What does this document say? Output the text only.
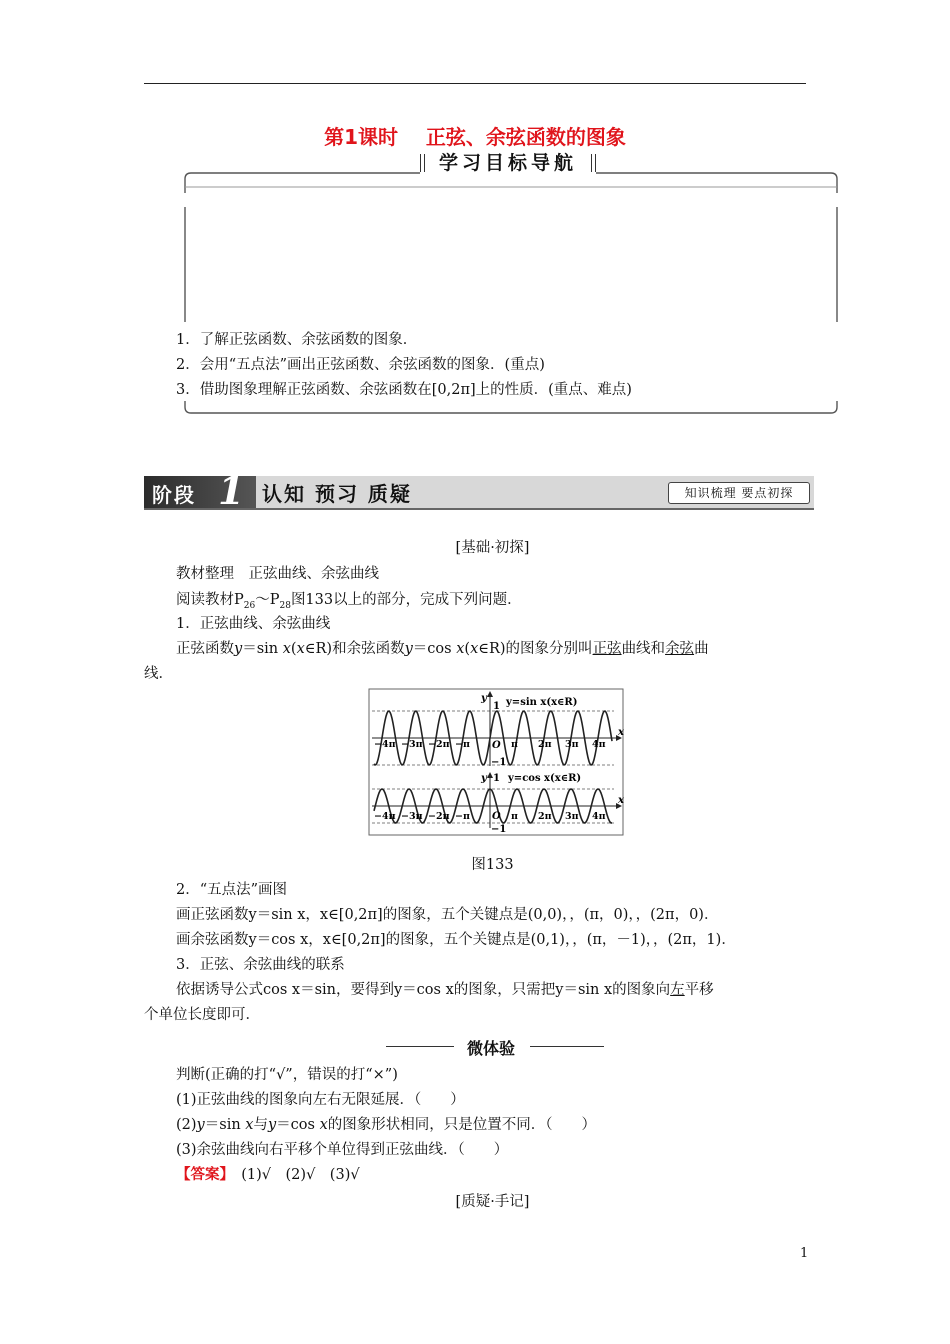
第1课时 正弦、余弦函数的图象
学习目标导航
1．了解正弦函数、余弦函数的图象．
2．会用“五点法”画出正弦函数、余弦函数的图象．(重点)
3．借助图象理解正弦函数、余弦函数在[0,2π]上的性质．(重点、难点)
阶段 1 认知 预习 质疑	知识梳理 要点初探
[基础·初探]
教材整理　正弦曲线、余弦曲线
阅读教材$P_{26}\sim P_{28}$图133以上的部分，完成下列问题．
1．正弦曲线、余弦曲线
正弦函数y＝sin x(x∈R)和余弦函数y＝cos x(x∈R)的图象分别叫正弦曲线和余弦曲
线．
y
1 y=sin x(x∈R)
x
O
−1
−4π −3π −2π −π	π 2π 3π 4π
y 1 y=cos x(x∈R)
x
O
−1
−4π −3π −2π −π	π 2π 3π 4π
图133
2．“五点法”画图
画正弦函数y＝sin x，x∈[0,2π]的图象，五个关键点是(0,0)，，(π，0)，，(2π，0)．
画余弦函数y＝cos x，x∈[0,2π]的图象，五个关键点是(0,1)，，(π，－1)，，(2π，1)．
3．正弦、余弦曲线的联系
依据诱导公式cos x＝sin，要得到y＝cos x的图象，只需把y＝sin x的图象向左平移
个单位长度即可．
微体验
判断(正确的打“√”，错误的打“×”)
(1)正弦曲线的图象向左右无限延展．（　　）
(2)y＝sin x与y＝cos x的图象形状相同，只是位置不同．（　　）
(3)余弦曲线向右平移个单位得到正弦曲线．（　　）
【答案】　(1)√　(2)√　(3)√
[质疑·手记]
1
